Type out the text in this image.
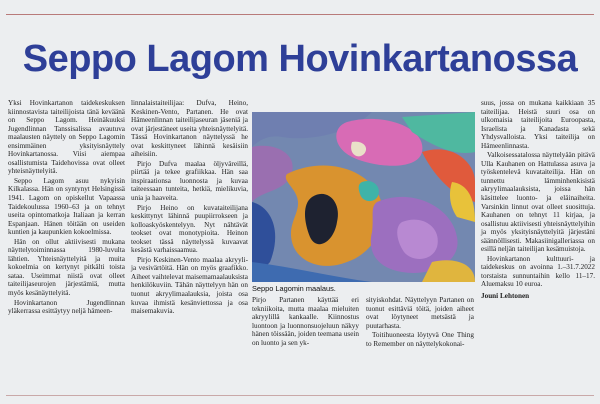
Seppo Lagom Hovinkartanossa

Yksi Hovinkartanon taidekeskuksen kiinnostavista taiteilijoista tänä keväänä on Seppo Lagom. Heinäkuuksi Jugendlinnan Tanssisalissa avautuva maalausten näyttely on Seppo Lagomin ensimmäinen yksityisnäyttely Hovinkartanossa. Viisi aiempaa osallistumista Taidehovissa ovat olleet yhteisnäyttelyitä.

Seppo Lagom asuu nykyisin Kilkalassa. Hän on syntynyt Helsingissä 1941. Lagom on opiskellut Vapaassa Taidekoulussa 1960–63 ja on tehnyt useita opintomatkoja Italiaan ja kerran Espanjaan. Hänen töitään on useiden kuntien ja kaupunkien kokoelmissa.

Hän on ollut aktiivisesti mukana näyttelytoiminnassa 1980-luvulta lähtien. Yhteisnäyttelyitä ja muita kokoelmia on kertynyt pitkälti toista sataa. Useimmat niistä ovat olleet taiteilijaseurojen järjestämiä, mutta myös kesänäyttelyitä.

Hovinkartanon Jugendlinnan yläkerrassa esittäytyy neljä hämeen-

linnalaistaiteilijaa: Dufva, Heino, Keskinen-Vento, Partanen. He ovat Hämeenlinnan taiteilijaseuran jäseniä ja ovat järjestäneet useita yhteisnäyttelyitä. Tässä Hovinkartanon näyttelyssä he ovat keskittyneet lähinnä kesäisiin aiheisiin.

Pirjo Dufva maalaa öljyväreillä, piirtää ja tekee grafiikkaa. Hän saa inspiraationsa luonnosta ja kuvaa taiteessaan tunteita, hetkiä, mielikuvia, unia ja haaveita.

Pirjo Heino on kuvataiteilijana keskittynyt lähinnä puupiirrokseen ja kolloaskyöskentelyyn. Nyt nähtävät teokset ovat monotypioita. Heinon teokset tässä näyttelyssä kuvaavat kesästä varhaissaamua.

Pirjo Keskinen-Vento maalaa akryyli- ja vesivärtöitä. Hän on myös graafikko. Aiheet vaihtelevat maisemamaalauksista henkilökuviin. Tähän näyttelyyn hän on tuonut akryylimaalauksia, joista osa kuvaa ihmistä kesänviettossa ja osa maisemakuvia.

Seppo Lagomin maalaus.

Pirjo Partanen käyttää eri tekniikoita, mutta maalaa mieluiten akryylillä kankaalle. Kiinnostus luontoon ja luonnonsuojeluun näkyy hänen töissään, joiden teemana usein on luonto ja sen yk-

sityiskohdat. Näyttelyyn Partanen on tuonut esittäviä töitä, joiden aiheet ovat löytyneet metsästä ja puutarhasta.

Toitihuoneesta löytyvä One Thing to Remember on näyttelykokonai-

suus, jossa on mukana kaikkiaan 35 taiteilijaa. Heistä suuri osa on ulkomaisia taiteilijoita Euroopasta, Israelista ja Kanadasta sekä Yhdysvalloista. Yksi taiteilija on Hämeenlinnasta.

Valkoisessatalossa näyttelyään pitävä Ulla Kauhanen on Hattulassa asuva ja työskentelevä kuvataiteilija. Hän on tunnettu lämminhenkisistä akryylimaalauksista, joissa hän käsittelee luonto- ja eläinaiheita. Varsinkin linnut ovat olleet suosittuja. Kauhanen on tehnyt 11 kirjaa, ja osallistuu aktiivisesti yhteisnäyttelyihin ja myös yksityisnäyttelyitä järjestäni säännöllisesti. Makasiinigalleriassa on esillä neljän taiteilijan kesämuistoja.

Hovinkartanon kulttuuri- ja taidekeskus on avoinna 1.–31.7.2022 torstaista sunnuntaihin kello 11–17. Aluemaksu 10 euroa.

Jouni Lehtonen
